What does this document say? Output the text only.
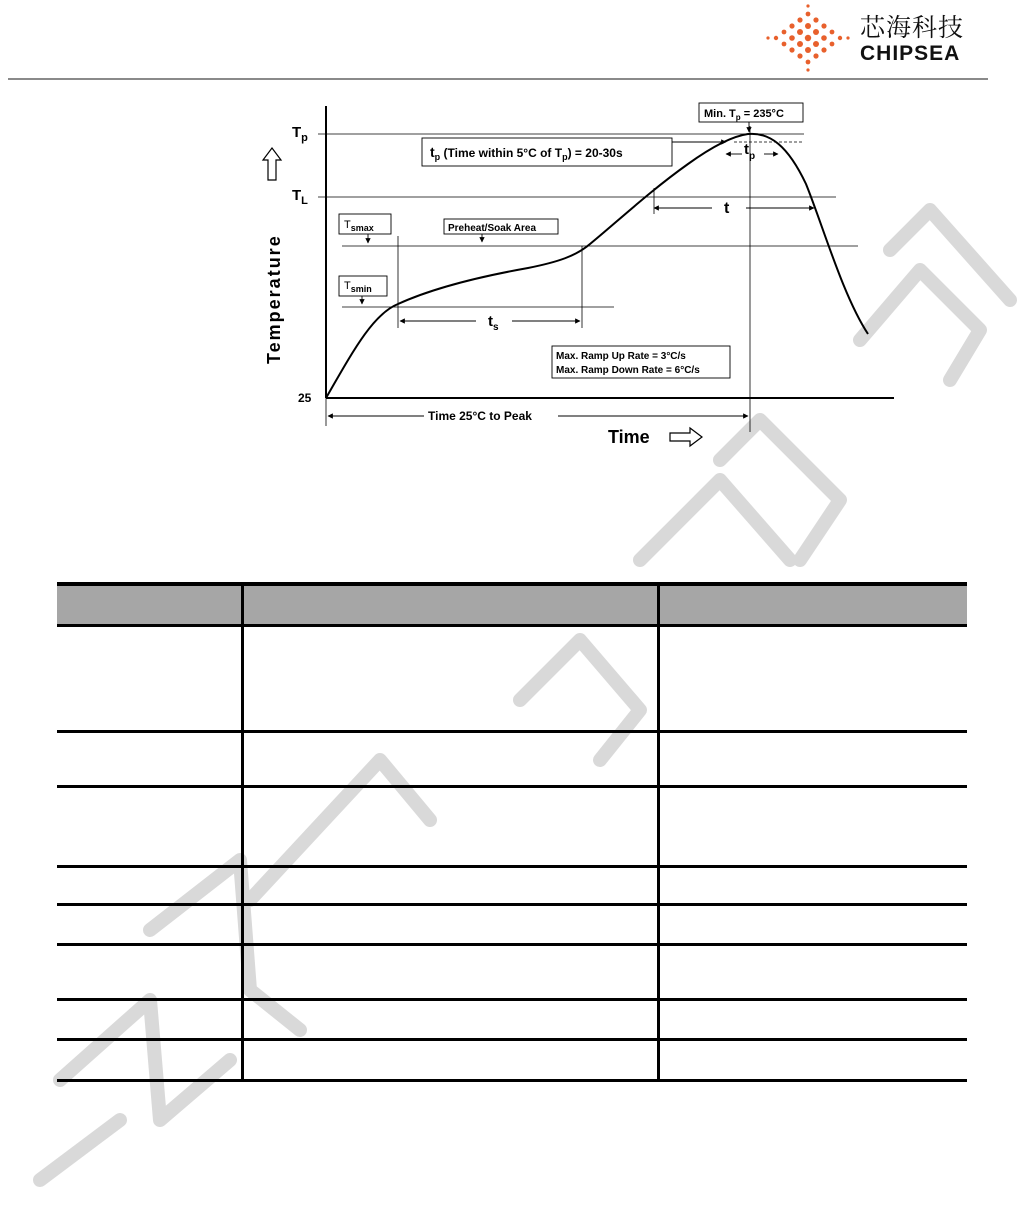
芯海科技
CHIPSEA
$T_p$
$T_L$
25
$t_p$ (Time within 5°C of $T_p) = 20-30s$
Min. $T_p = 235^\circ C$
$T_{smax}$
$T_{smin}$
Preheat/Soak Area
Max. Ramp Up Rate = 3°C/s
Max. Ramp Down Rate = 6°C/s
t
$t_s$
$t_p$
Time 25°C to Peak
Time
Temperature
